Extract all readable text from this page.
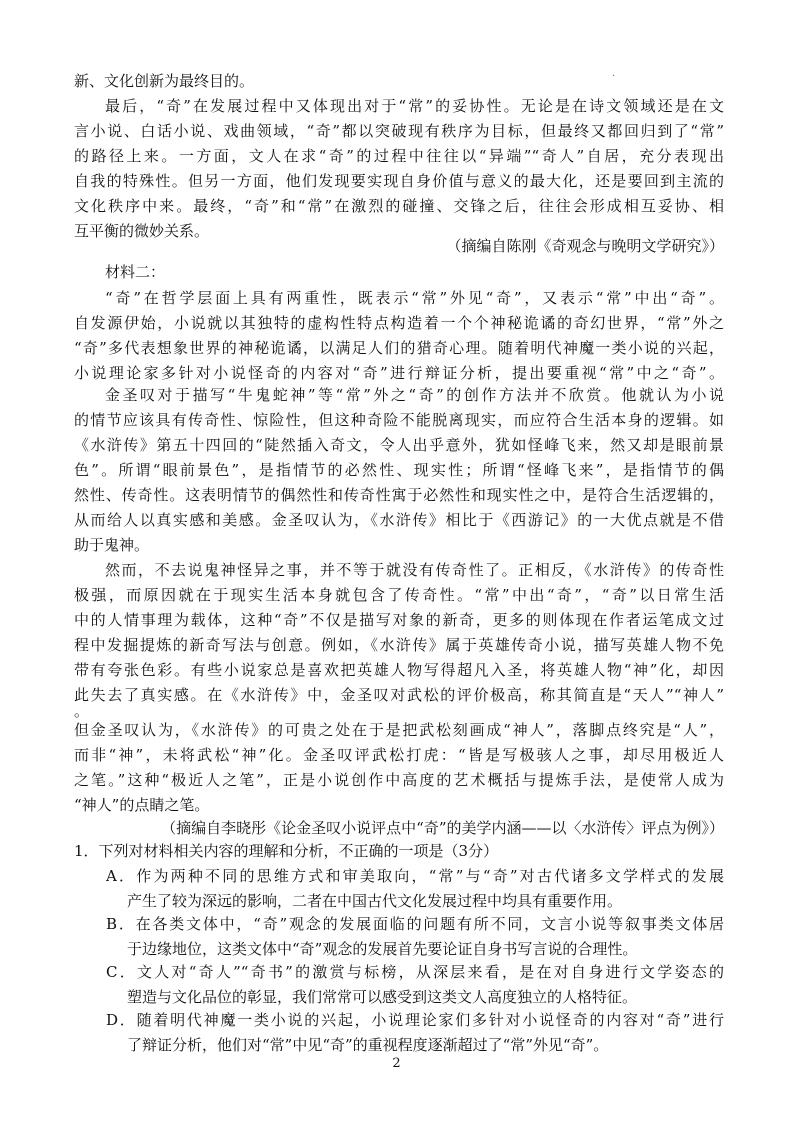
·
新、文化创新为最终目的。
最后，“奇”在发展过程中又体现出对于“常”的妥协性。无论是在诗文领域还是在文
言小说、白话小说、戏曲领域，“奇”都以突破现有秩序为目标，但最终又都回归到了“常”
的路径上来。一方面，文人在求“奇”的过程中往往以“异端”“奇人”自居，充分表现出
自我的特殊性。但另一方面，他们发现要实现自身价值与意义的最大化，还是要回到主流的
文化秩序中来。最终，“奇”和“常”在激烈的碰撞、交锋之后，往往会形成相互妥协、相
互平衡的微妙关系。
（摘编自陈刚《奇观念与晚明文学研究》）
材料二：
“奇”在哲学层面上具有两重性，既表示“常”外见“奇”，又表示“常”中出“奇”。
自发源伊始，小说就以其独特的虚构性特点构造着一个个神秘诡谲的奇幻世界，“常”外之
“奇”多代表想象世界的神秘诡谲，以满足人们的猎奇心理。随着明代神魔一类小说的兴起，
小说理论家多针对小说怪奇的内容对“奇”进行辩证分析，提出要重视“常”中之“奇”。
金圣叹对于描写“牛鬼蛇神”等“常”外之“奇”的创作方法并不欣赏。他就认为小说
的情节应该具有传奇性、惊险性，但这种奇险不能脱离现实，而应符合生活本身的逻辑。如
《水浒传》第五十四回的“陡然插入奇文，令人出乎意外，犹如怪峰飞来，然又却是眼前景
色”。所谓“眼前景色”，是指情节的必然性、现实性；所谓“怪峰飞来”，是指情节的偶
然性、传奇性。这表明情节的偶然性和传奇性寓于必然性和现实性之中，是符合生活逻辑的，
从而给人以真实感和美感。金圣叹认为，《水浒传》相比于《西游记》的一大优点就是不借
助于鬼神。
然而，不去说鬼神怪异之事，并不等于就没有传奇性了。正相反，《水浒传》的传奇性
极强，而原因就在于现实生活本身就包含了传奇性。“常”中出“奇”，“奇”以日常生活
中的人情事理为载体，这种“奇”不仅是描写对象的新奇，更多的则体现在作者运笔成文过
程中发掘提炼的新奇写法与创意。例如，《水浒传》属于英雄传奇小说，描写英雄人物不免
带有夸张色彩。有些小说家总是喜欢把英雄人物写得超凡入圣，将英雄人物“神”化，却因
此失去了真实感。在《水浒传》中，金圣叹对武松的评价极高，称其简直是“天人”“神人”
。
但金圣叹认为，《水浒传》的可贵之处在于是把武松刻画成“神人”，落脚点终究是“人”，
而非“神”，未将武松“神”化。金圣叹评武松打虎：“皆是写极骇人之事，却尽用极近人
之笔。”这种“极近人之笔”，正是小说创作中高度的艺术概括与提炼手法，是使常人成为
“神人”的点睛之笔。
（摘编自李晓彤《论金圣叹小说评点中“奇”的美学内涵——以〈水浒传〉评点为例》）
1．下列对材料相关内容的理解和分析，不正确的一项是（3分）
A．作为两种不同的思维方式和审美取向，“常”与“奇”对古代诸多文学样式的发展
产生了较为深远的影响，二者在中国古代文化发展过程中均具有重要作用。
B．在各类文体中，“奇”观念的发展面临的问题有所不同，文言小说等叙事类文体居
于边缘地位，这类文体中“奇”观念的发展首先要论证自身书写言说的合理性。
C．文人对“奇人”“奇书”的激赏与标榜，从深层来看，是在对自身进行文学姿态的
塑造与文化品位的彰显，我们常常可以感受到这类文人高度独立的人格特征。
D．随着明代神魔一类小说的兴起，小说理论家们多针对小说怪奇的内容对“奇”进行
了辩证分析，他们对“常”中见“奇”的重视程度逐渐超过了“常”外见“奇”。
2
